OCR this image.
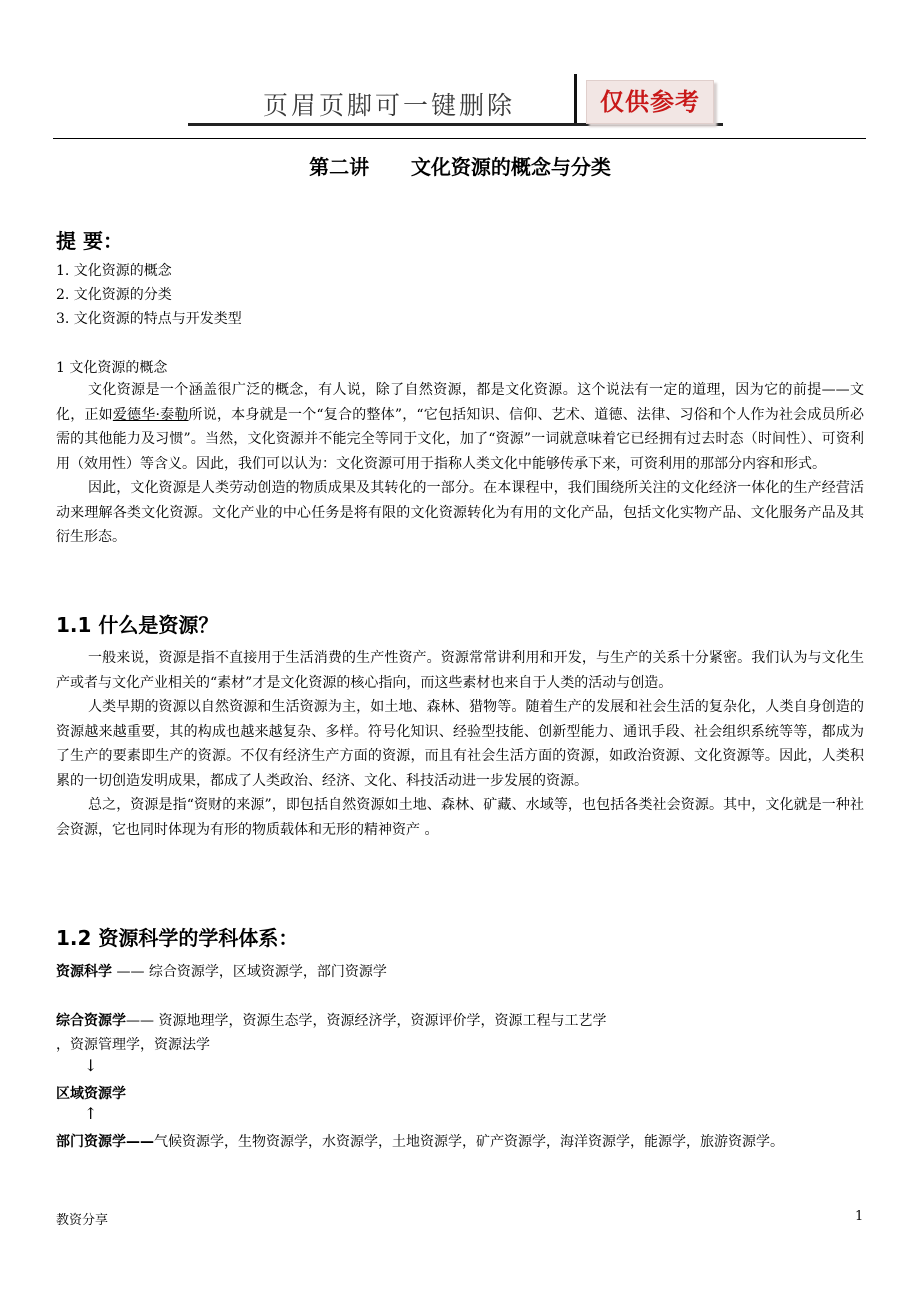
页眉页脚可一键删除	仅供参考
第二讲      文化资源的概念与分类
提 要：
1. 文化资源的概念
2. 文化资源的分类
3. 文化资源的特点与开发类型
1 文化资源的概念

文化资源是一个涵盖很广泛的概念，有人说，除了自然资源，都是文化资源。这个说法有一定的道理，因为它的前提——文化，正如爱德华·泰勒所说，本身就是一个“复合的整体”，“它包括知识、信仰、艺术、道德、法律、习俗和个人作为社会成员所必需的其他能力及习惯”。当然，文化资源并不能完全等同于文化，加了“资源”一词就意味着它已经拥有过去时态（时间性）、可资利用（效用性）等含义。因此，我们可以认为：文化资源可用于指称人类文化中能够传承下来，可资利用的那部分内容和形式。

因此，文化资源是人类劳动创造的物质成果及其转化的一部分。在本课程中，我们围绕所关注的文化经济一体化的生产经营活动来理解各类文化资源。文化产业的中心任务是将有限的文化资源转化为有用的文化产品，包括文化实物产品、文化服务产品及其衍生形态。

1.1 什么是资源？

一般来说，资源是指不直接用于生活消费的生产性资产。资源常常讲利用和开发，与生产的关系十分紧密。我们认为与文化生产或者与文化产业相关的“素材”才是文化资源的核心指向，而这些素材也来自于人类的活动与创造。

人类早期的资源以自然资源和生活资源为主，如土地、森林、猎物等。随着生产的发展和社会生活的复杂化，人类自身创造的资源越来越重要，其的构成也越来越复杂、多样。符号化知识、经验型技能、创新型能力、通讯手段、社会组织系统等等，都成为了生产的要素即生产的资源。不仅有经济生产方面的资源，而且有社会生活方面的资源，如政治资源、文化资源等。因此，人类积累的一切创造发明成果，都成了人类政治、经济、文化、科技活动进一步发展的资源。

总之，资源是指“资财的来源”，即包括自然资源如土地、森林、矿藏、水域等，也包括各类社会资源。其中，文化就是一种社会资源，它也同时体现为有形的物质载体和无形的精神资产 。

1.2 资源科学的学科体系：
资源科学 —— 综合资源学，区域资源学，部门资源学
综合资源学—— 资源地理学，资源生态学，资源经济学，资源评价学，资源工程与工艺学
，资源管理学，资源法学
↓
区域资源学
↑
部门资源学——气候资源学，生物资源学，水资源学，土地资源学，矿产资源学，海洋资源学，能源学，旅游资源学。
教资分享	1
